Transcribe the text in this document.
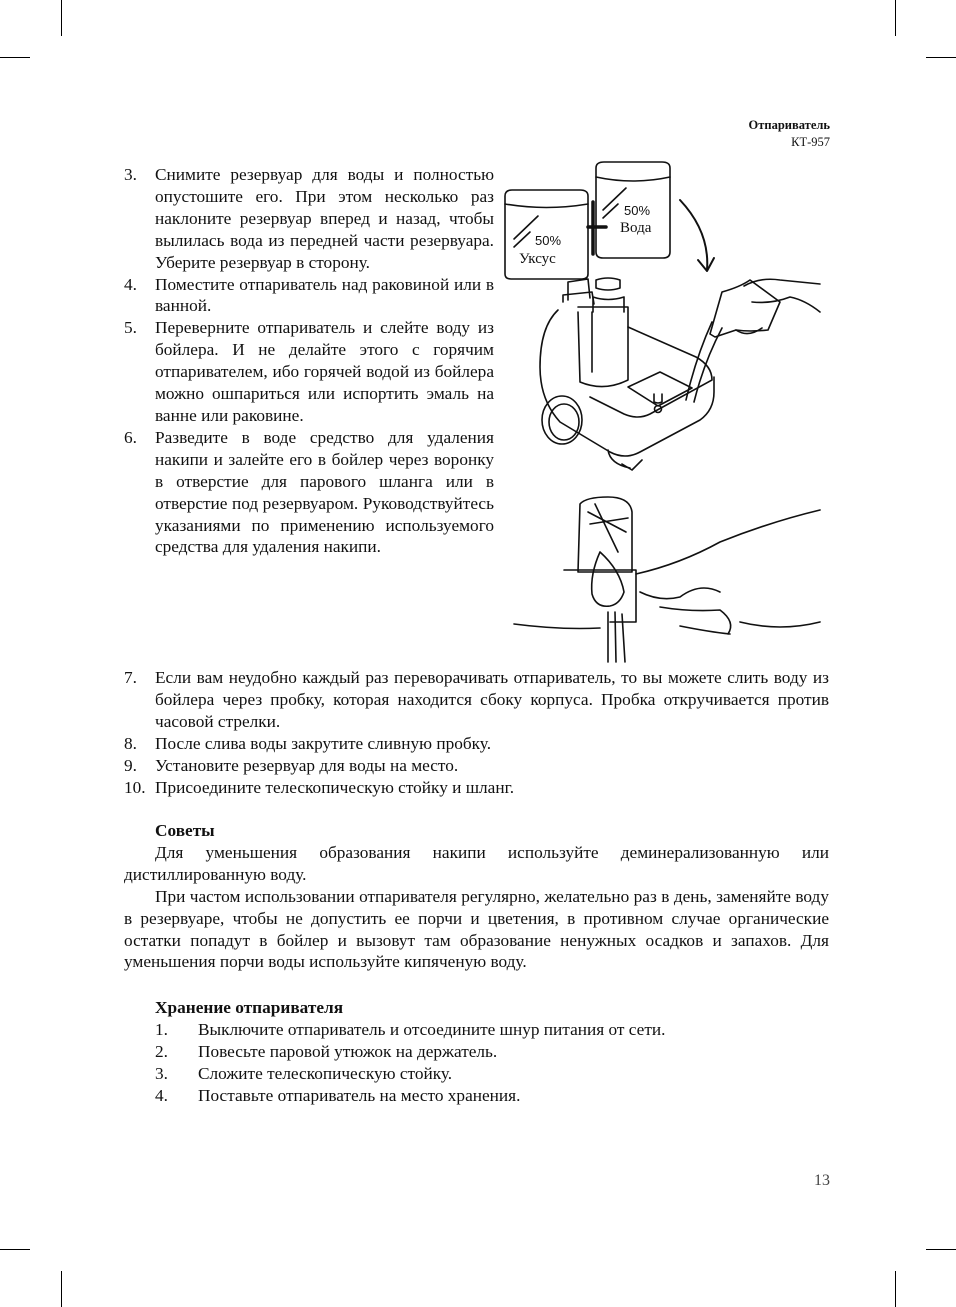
Отпариватель
КТ-957
3. Снимите резервуар для воды и полностью опустошите его. При этом несколько раз наклоните резервуар вперед и назад, чтобы вылилась вода из передней части резервуара. Уберите резервуар в сторону.
4. Поместите отпариватель над раковиной или в ванной.
5. Переверните отпариватель и слейте воду из бойлера. И не делайте этого с горячим отпаривателем, ибо горячей водой из бойлера можно ошпариться или испортить эмаль на ванне или раковине.
6. Разведите в воде средство для удаления накипи и залейте его в бойлер через воронку в отверстие для парового шланга или в отверстие под резервуаром. Руководствуйтесь указаниями по применению используемого средства для удаления накипи.
50%
Уксус
50%
Вода
7. Если вам неудобно каждый раз переворачивать отпариватель, то вы можете слить воду из бойлера через пробку, которая находится сбоку корпуса. Пробка откручивается против часовой стрелки.
8. После слива воды закрутите сливную пробку.
9. Установите резервуар для воды на место.
10. Присоедините телескопическую стойку и шланг.
Советы

Для уменьшения образования накипи используйте деминерализованную или дистиллированную воду.

При частом использовании отпаривателя регулярно, желательно раз в день, заменяйте воду в резервуаре, чтобы не допустить ее порчи и цветения, в противном случае органические остатки попадут в бойлер и вызовут там образование ненужных осадков и запахов. Для уменьшения порчи воды используйте кипяченую воду.

Хранение отпаривателя
1. Выключите отпариватель и отсоедините шнур питания от сети.
2. Повесьте паровой утюжок на держатель.
3. Сложите телескопическую стойку.
4. Поставьте отпариватель на место хранения.
13
